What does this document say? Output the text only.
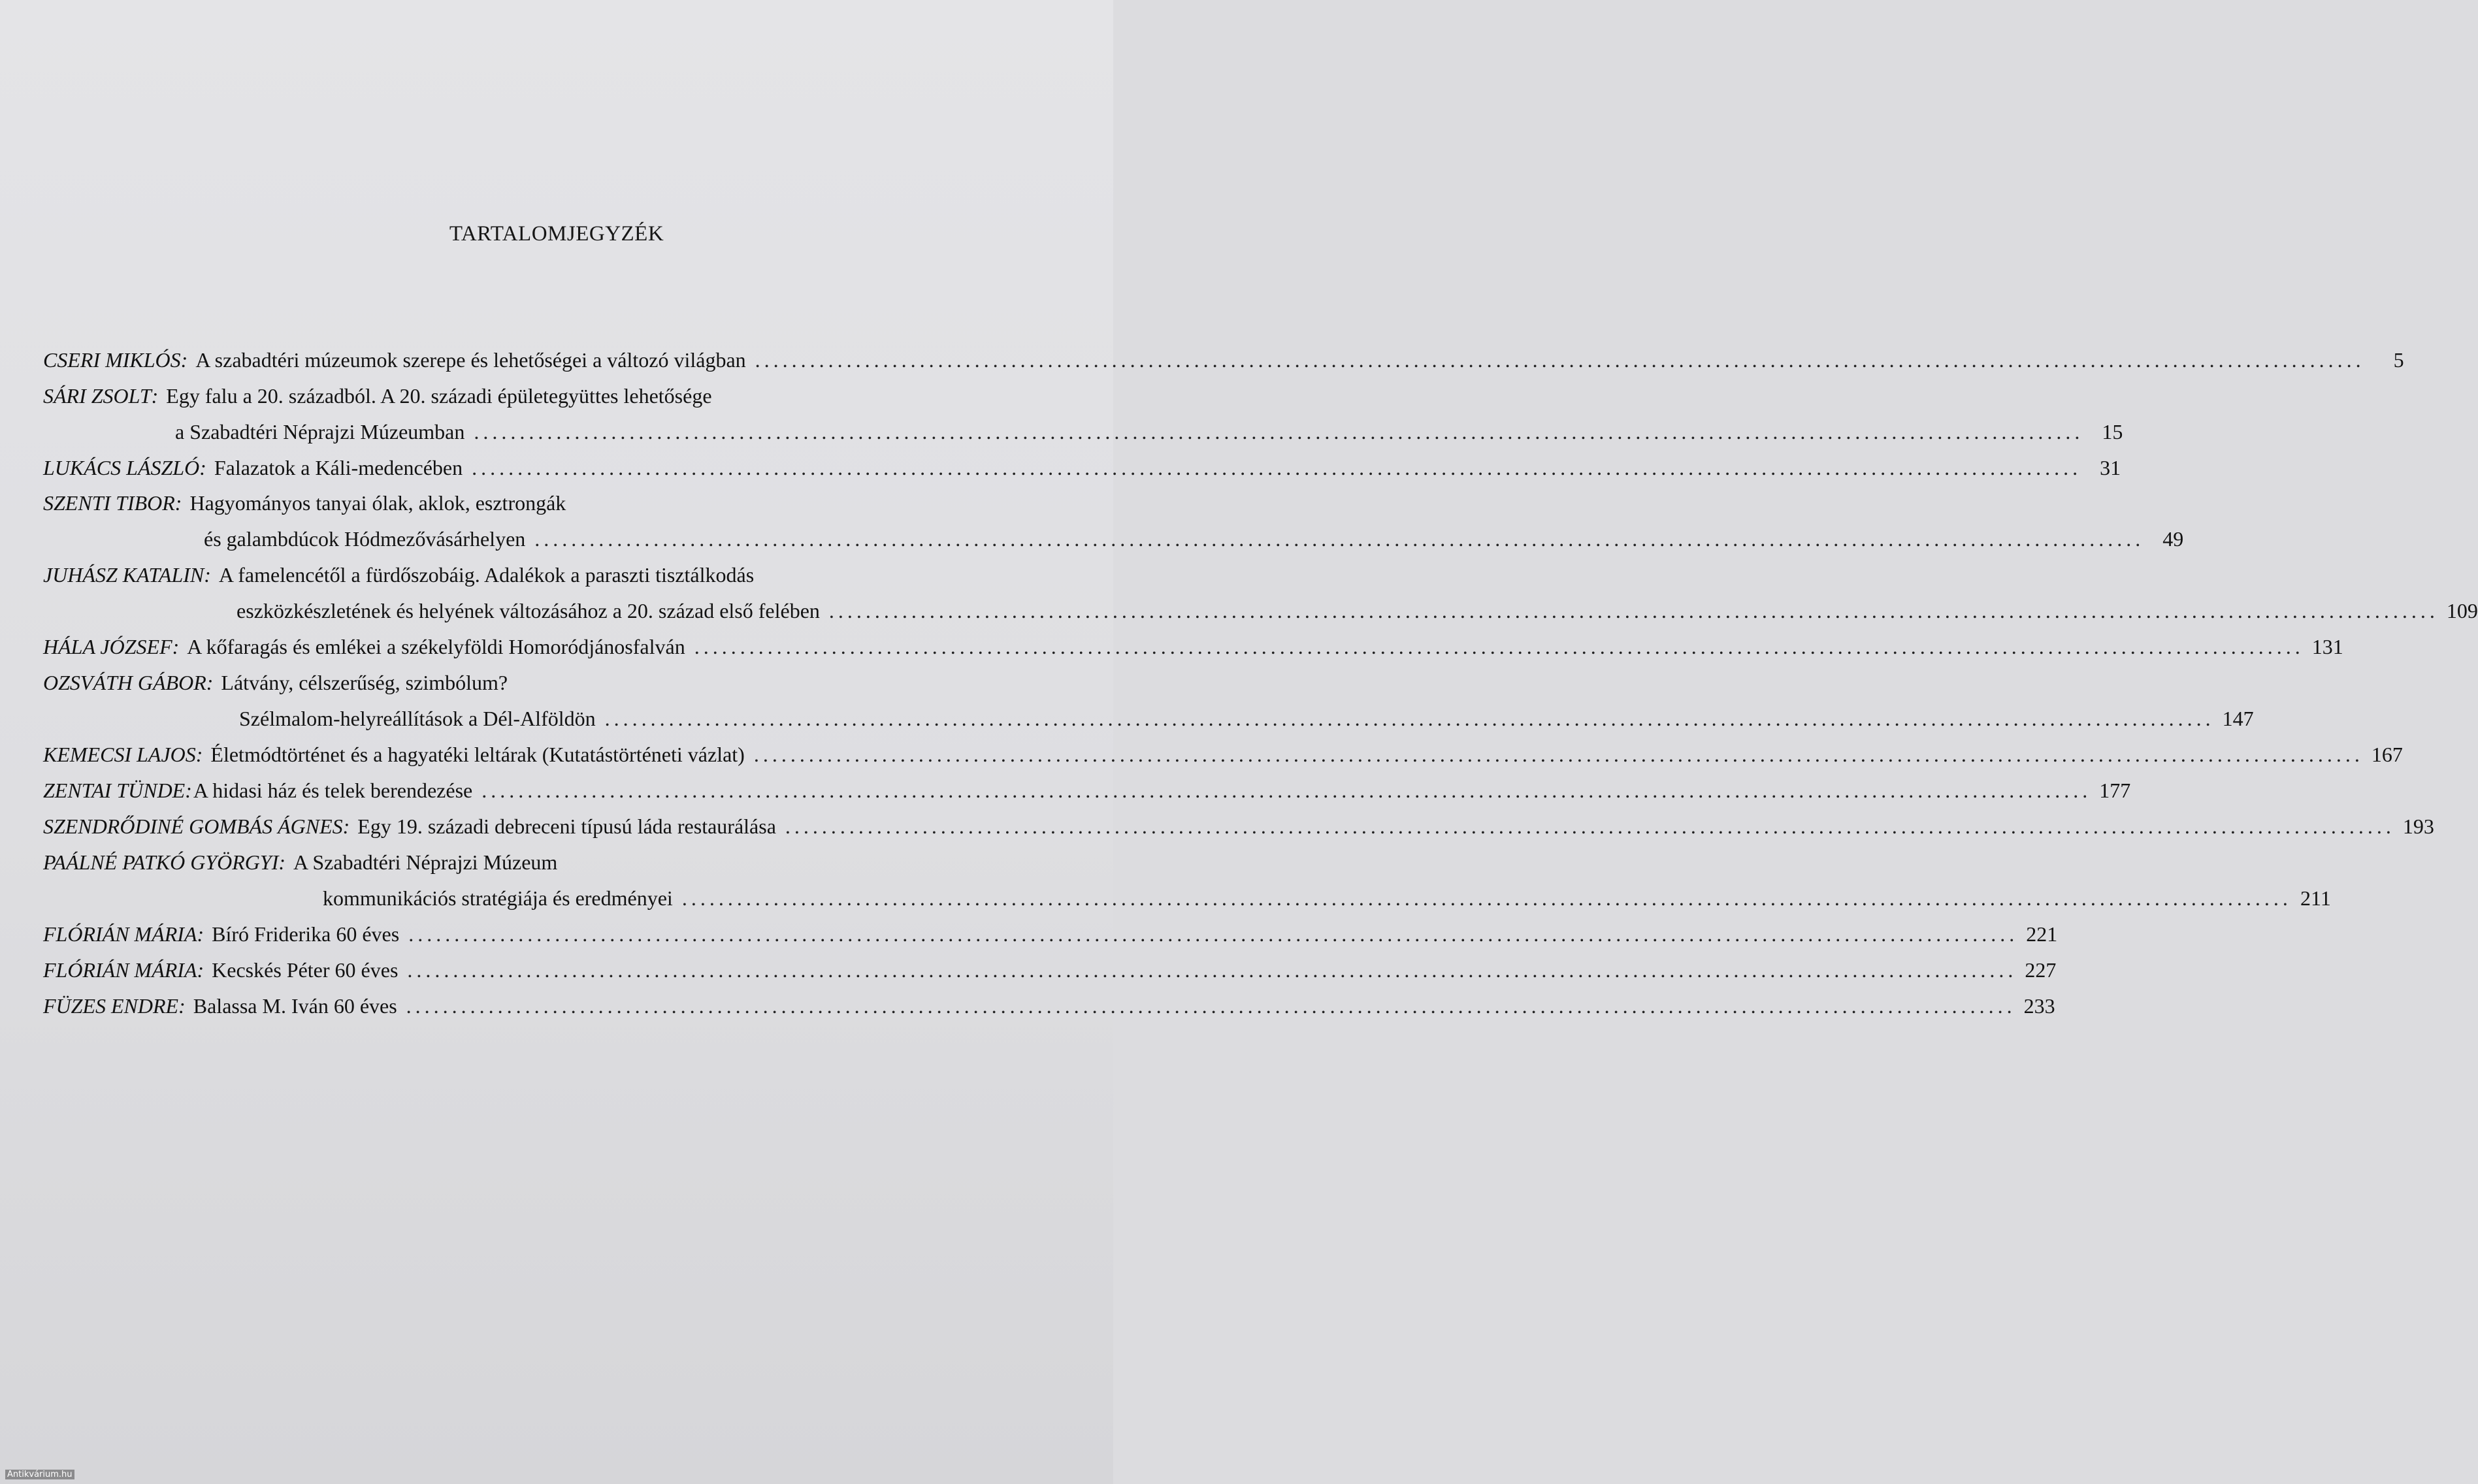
TARTALOMJEGYZÉK
CSERI MIKLÓS : A szabadtéri múzeumok szerepe és lehetőségei a változó világban ................................................................................................................................................................................	5
SÁRI ZSOLT : Egy falu a 20. századból. A 20. századi épületegyüttes lehetősége
a Szabadtéri Néprajzi Múzeumban ................................................................................................................................................................................ 15
LUKÁCS LÁSZLÓ : Falazatok a Káli-medencében ................................................................................................................................................................................ 31
SZENTI TIBOR : Hagyományos tanyai ólak, aklok, esztrongák
és galambdúcok Hódmezővásárhelyen ................................................................................................................................................................................ 49
JUHÁSZ KATALIN : A famelencétől a fürdőszobáig. Adalékok a paraszti tisztálkodás
eszközkészletének és helyének változásához a 20. század első felében ................................................................................................................................................................................ 109
HÁLA JÓZSEF : A kőfaragás és emlékei a székelyföldi Homoródjánosfalván ................................................................................................................................................................................ 131
OZSVÁTH GÁBOR : Látvány, célszerűség, szimbólum?
Szélmalom-helyreállítások a Dél-Alföldön ................................................................................................................................................................................ 147
KEMECSI LAJOS : Életmódtörténet és a hagyatéki leltárak (Kutatástörténeti vázlat) ................................................................................................................................................................................ 167
ZENTAI TÜNDE : A hidasi ház és telek berendezése ................................................................................................................................................................................ 177
SZENDRŐDINÉ GOMBÁS ÁGNES : Egy 19. századi debreceni típusú láda restaurálása ................................................................................................................................................................................ 193
PAÁLNÉ PATKÓ GYÖRGYI : A Szabadtéri Néprajzi Múzeum
kommunikációs stratégiája és eredményei ................................................................................................................................................................................ 211
FLÓRIÁN MÁRIA : Bíró Friderika 60 éves ................................................................................................................................................................................ 221
FLÓRIÁN MÁRIA : Kecskés Péter 60 éves ................................................................................................................................................................................ 227
FÜZES ENDRE : Balassa M. Iván 60 éves ................................................................................................................................................................................ 233
Antikvárium.hu
